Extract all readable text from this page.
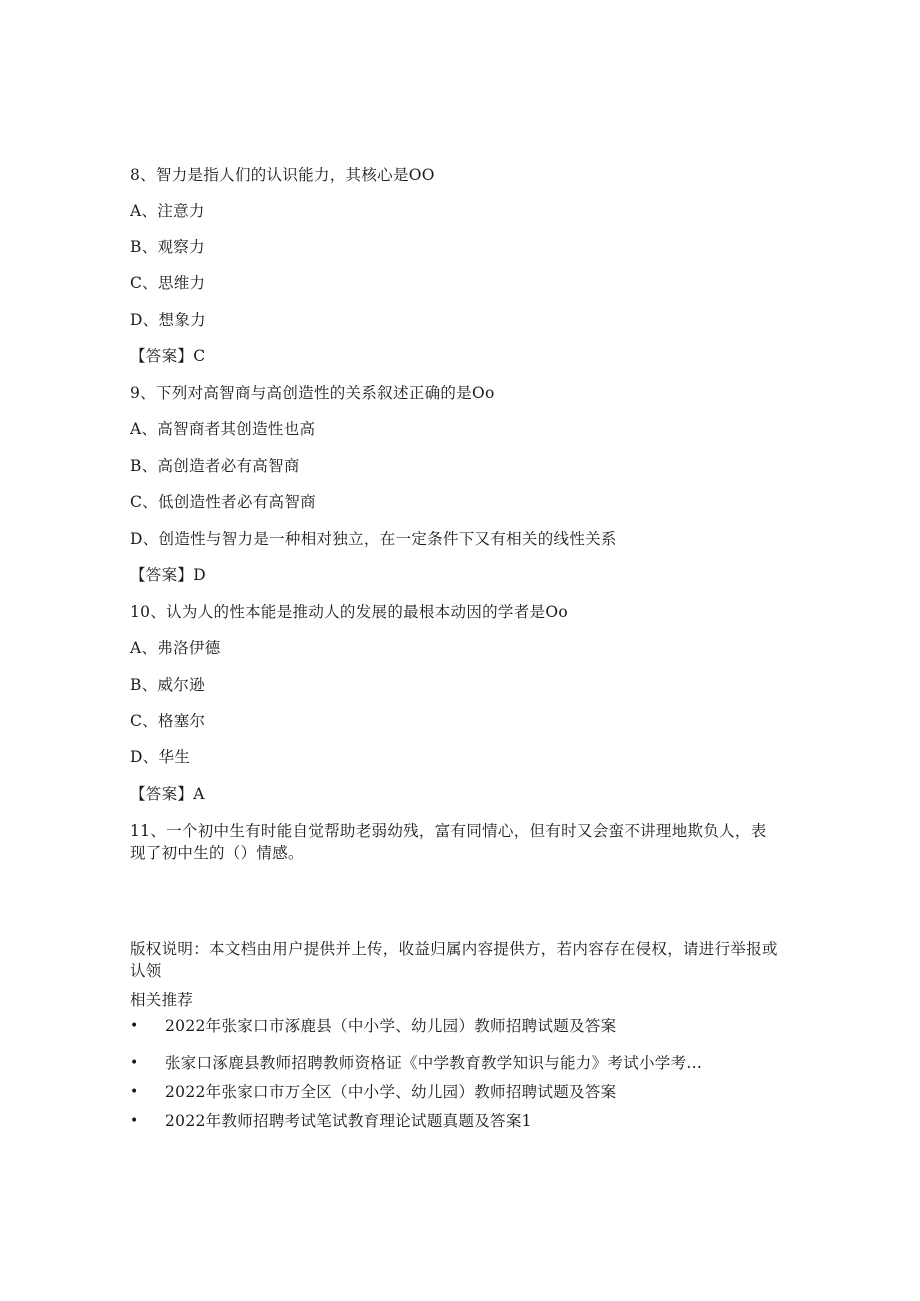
8、智力是指人们的认识能力，其核心是OO
A、注意力
B、观察力
C、思维力
D、想象力
【答案】C
9、下列对高智商与高创造性的关系叙述正确的是Oo
A、高智商者其创造性也高
B、高创造者必有高智商
C、低创造性者必有高智商
D、创造性与智力是一种相对独立，在一定条件下又有相关的线性关系
【答案】D
10、认为人的性本能是推动人的发展的最根本动因的学者是Oo
A、弗洛伊德
B、威尔逊
C、格塞尔
D、华生
【答案】A
11、一个初中生有时能自觉帮助老弱幼残，富有同情心，但有时又会蛮不讲理地欺负人，表现了初中生的（）情感。
版权说明：本文档由用户提供并上传，收益归属内容提供方，若内容存在侵权，请进行举报或认领
相关推荐
• 2022年张家口市涿鹿县（中小学、幼儿园）教师招聘试题及答案
• 张家口涿鹿县教师招聘教师资格证《中学教育教学知识与能力》考试小学考...
• 2022年张家口市万全区（中小学、幼儿园）教师招聘试题及答案
• 2022年教师招聘考试笔试教育理论试题真题及答案1
